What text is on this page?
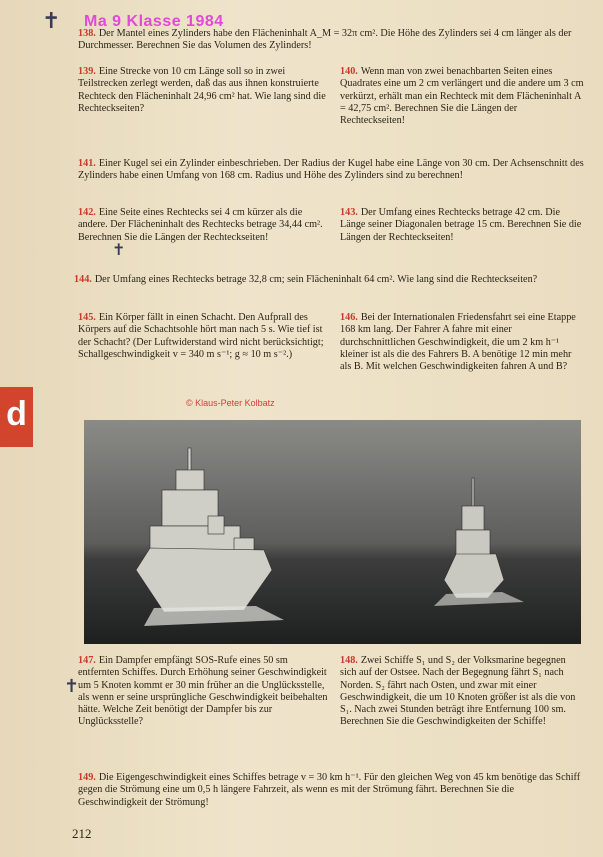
✝ Ma 9 Klasse 1984
138. Der Mantel eines Zylinders habe den Flächeninhalt A_M = 32π cm². Die Höhe des Zylinders sei 4 cm länger als der Durchmesser. Berechnen Sie das Volumen des Zylinders!
139. Eine Strecke von 10 cm Länge soll so in zwei Teilstrecken zerlegt werden, daß das aus ihnen konstruierte Rechteck den Flächeninhalt 24,96 cm² hat. Wie lang sind die Rechteckseiten?
140. Wenn man von zwei benachbarten Seiten eines Quadrates eine um 2 cm verlängert und die andere um 3 cm verkürzt, erhält man ein Rechteck mit dem Flächeninhalt A = 42,75 cm². Berechnen Sie die Längen der Rechteckseiten!
141. Einer Kugel sei ein Zylinder einbeschrieben. Der Radius der Kugel habe eine Länge von 30 cm. Der Achsenschnitt des Zylinders habe einen Umfang von 168 cm. Radius und Höhe des Zylinders sind zu berechnen!
142. Eine Seite eines Rechtecks sei 4 cm kürzer als die andere. Der Flächeninhalt des Rechtecks betrage 34,44 cm². Berechnen Sie die Längen der Rechteckseiten!
✝
143. Der Umfang eines Rechtecks betrage 42 cm. Die Länge seiner Diagonalen betrage 15 cm. Berechnen Sie die Längen der Rechteckseiten!
144. Der Umfang eines Rechtecks betrage 32,8 cm; sein Flächeninhalt 64 cm². Wie lang sind die Rechteckseiten?
145. Ein Körper fällt in einen Schacht. Den Aufprall des Körpers auf die Schachtsohle hört man nach 5 s. Wie tief ist der Schacht? (Der Luftwiderstand wird nicht berücksichtigt; Schallgeschwindigkeit v = 340 m s⁻¹; g ≈ 10 m s⁻².)
146. Bei der Internationalen Friedensfahrt sei eine Etappe 168 km lang. Der Fahrer A fahre mit einer durchschnittlichen Geschwindigkeit, die um 2 km h⁻¹ kleiner ist als die des Fahrers B. A benötige 12 min mehr als B. Mit welchen Geschwindigkeiten fahren A und B?
d	© Klaus-Peter Kolbatz
147. Ein Dampfer empfängt SOS-Rufe eines 50 sm entfernten Schiffes. Durch Erhöhung seiner Geschwindigkeit um 5 Knoten kommt er 30 min früher an die Unglücksstelle, als wenn er seine ursprüngliche Geschwindigkeit beibehalten hätte. Welche Zeit benötigt der Dampfer bis zur Unglücksstelle?
✝
148. Zwei Schiffe S₁ und S₂ der Volksmarine begegnen sich auf der Ostsee. Nach der Begegnung fährt S₁ nach Norden. S₂ fährt nach Osten, und zwar mit einer Geschwindigkeit, die um 10 Knoten größer ist als die von S₁. Nach zwei Stunden beträgt ihre Entfernung 100 sm. Berechnen Sie die Geschwindigkeiten der Schiffe!
149. Die Eigengeschwindigkeit eines Schiffes betrage v = 30 km h⁻¹. Für den gleichen Weg von 45 km benötige das Schiff gegen die Strömung eine um 0,5 h längere Fahrzeit, als wenn es mit der Strömung fährt. Berechnen Sie die Geschwindigkeit der Strömung!
212
